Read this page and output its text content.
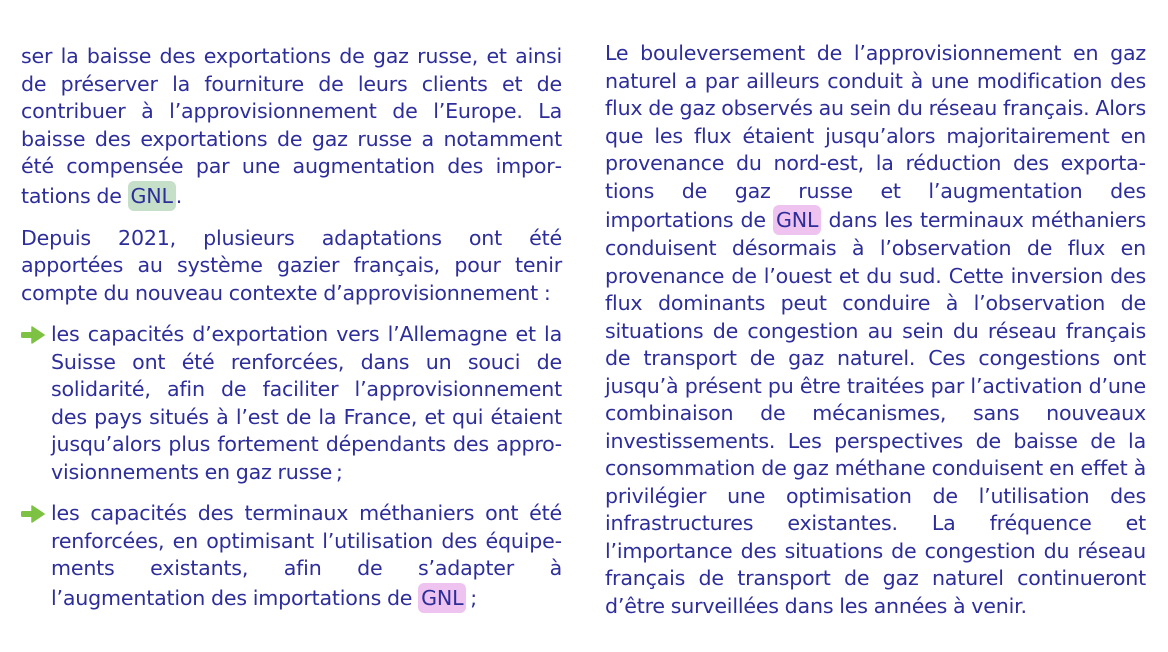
ser la baisse des exportations de gaz russe, et ainsi de préserver la fourniture de leurs clients et de contribuer à l’approvisionnement de l’Europe. La baisse des exportations de gaz russe a notamment été compensée par une augmentation des importations de GNL .

Depuis 2021, plusieurs adaptations ont été apportées au système gazier français, pour tenir compte du nouveau contexte d’approvisionnement :

les capacités d’exportation vers l’Allemagne et la Suisse ont été renforcées, dans un souci de solidarité, afin de faciliter l’approvisionnement des pays situés à l’est de la France, et qui étaient jusqu’alors plus fortement dépendants des approvisionnements en gaz russe ;

les capacités des terminaux méthaniers ont été renforcées, en optimisant l’utilisation des équipements existants, afin de s’adapter à l’augmentation des importations de GNL ;

Le bouleversement de l’approvisionnement en gaz naturel a par ailleurs conduit à une modification des flux de gaz observés au sein du réseau français. Alors que les flux étaient jusqu’alors majoritairement en provenance du nord-est, la réduction des exportations de gaz russe et l’augmentation des importations de GNL dans les terminaux méthaniers conduisent désormais à l’observation de flux en provenance de l’ouest et du sud. Cette inversion des flux dominants peut conduire à l’observation de situations de congestion au sein du réseau français de transport de gaz naturel. Ces congestions ont jusqu’à présent pu être traitées par l’activation d’une combinaison de mécanismes, sans nouveaux investissements. Les perspectives de baisse de la consommation de gaz méthane conduisent en effet à privilégier une optimisation de l’utilisation des infrastructures existantes. La fréquence et l’importance des situations de congestion du réseau français de transport de gaz naturel continueront d’être surveillées dans les années à venir.
